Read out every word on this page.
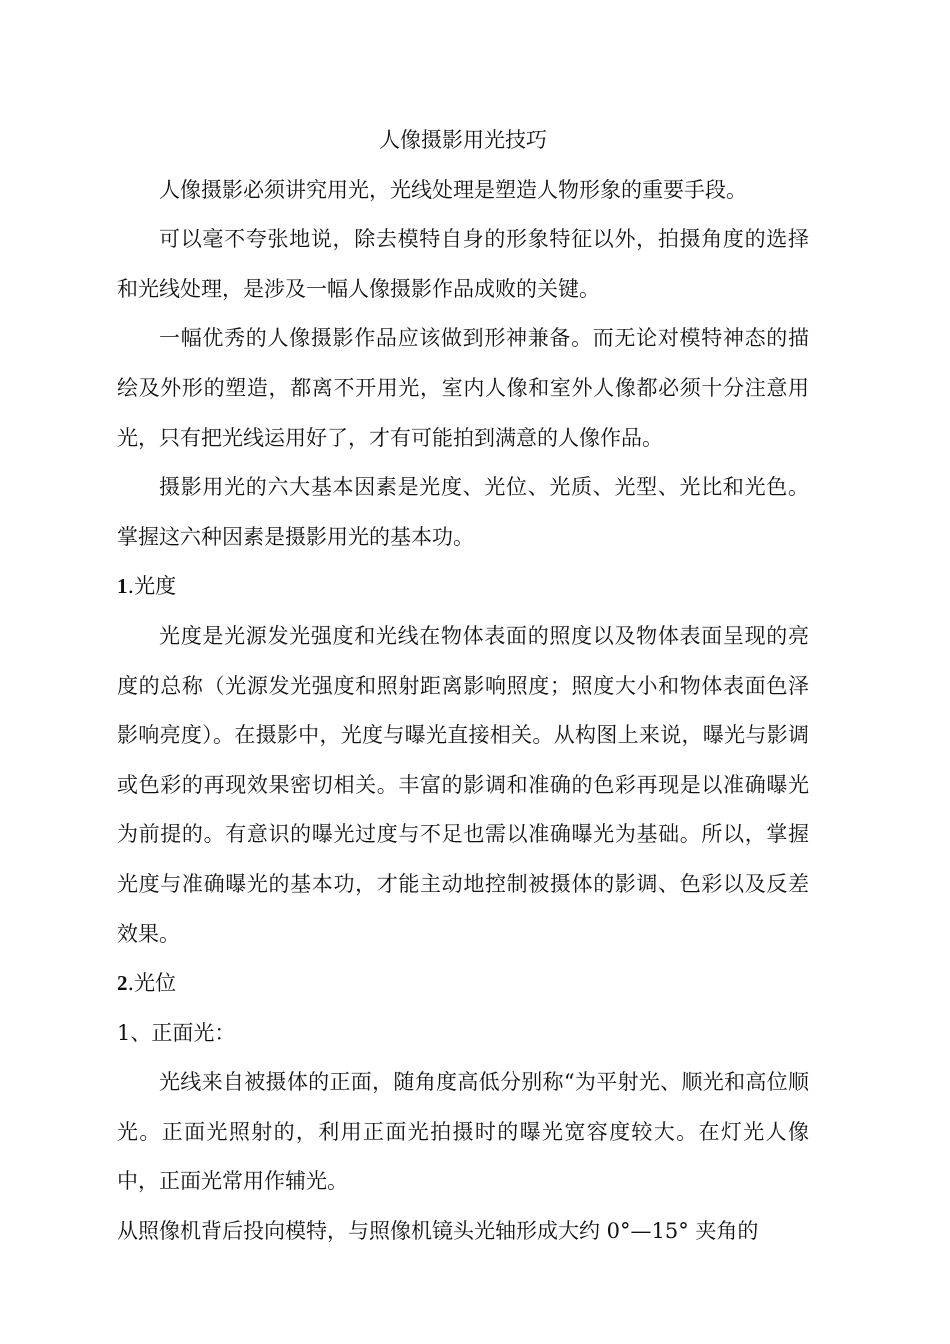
人像摄影用光技巧

人像摄影必须讲究用光，光线处理是塑造人物形象的重要手段。

可以毫不夸张地说，除去模特自身的形象特征以外，拍摄角度的选择和光线处理，是涉及一幅人像摄影作品成败的关键。

一幅优秀的人像摄影作品应该做到形神兼备。而无论对模特神态的描绘及外形的塑造，都离不开用光，室内人像和室外人像都必须十分注意用光，只有把光线运用好了，才有可能拍到满意的人像作品。

摄影用光的六大基本因素是光度、光位、光质、光型、光比和光色。掌握这六种因素是摄影用光的基本功。

1.光度

光度是光源发光强度和光线在物体表面的照度以及物体表面呈现的亮度的总称（光源发光强度和照射距离影响照度；照度大小和物体表面色泽影响亮度）。在摄影中，光度与曝光直接相关。从构图上来说，曝光与影调或色彩的再现效果密切相关。丰富的影调和准确的色彩再现是以准确曝光为前提的。有意识的曝光过度与不足也需以准确曝光为基础。所以，掌握光度与准确曝光的基本功，才能主动地控制被摄体的影调、色彩以及反差效果。

2.光位

1、正面光：

光线来自被摄体的正面，随角度高低分别称“为平射光、顺光和高位顺光。正面光照射的，利用正面光拍摄时的曝光宽容度较大。在灯光人像中，正面光常用作辅光。

从照像机背后投向模特，与照像机镜头光轴形成大约 0°—15° 夹角的
